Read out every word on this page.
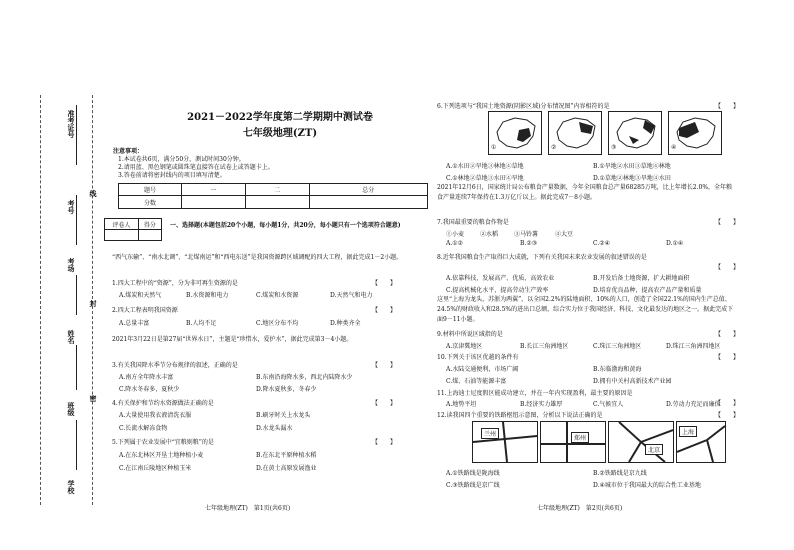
准考证号
线
考号
考场
封
姓名
密
班级
学校
2021－2022学年度第二学期期中测试卷
七年级地理(ZT)
注意事项：
1.本试卷共6页，满分50分，测试时间30分钟。
2.请用蓝、黑色钢笔或圆珠笔直接答在试卷上或答题卡上。
3.答卷前请将密封线内的项目填写清楚。
题号	一	二	总分
分数			
评卷人	得分
	一、选择题(本题包括20个小题，每小题1分，共20分，每小题只有一个选项符合题意)
“西气东输”、“南水北调”、“北煤南运”和“西电东送”是我国资源跨区域调配的四大工程，据此完成1－2小题。
1.四大工程中的“资源”，分为非可再生资源的是	【　　】
A.煤炭和天然气	B.水资源和电力	C.煤炭和水资源	D.天然气和电力
2.四大工程表明我国资源	【　　】
A.总量丰富	B.人均不足	C.地区分布不均	D.种类齐全
2021年3月22日是第27届“世界水日”，主题是“珍惜水，爱护水”，据此完成第3－4小题。
3.有关我国降水季节分布规律的叙述，正确的是	【　　】
A.南方全年降水丰富	B.东南沿海降水多，西北内陆降水少
C.降水冬春多，夏秋少	D.降水夏秋多，冬春少
4.有关保护和节约水资源做法正确的是	【　　】
A.大量使用我衣液清洗衣服	B.刷牙时关上水龙头
C.长流水解冻食物	D.水龙头漏水
5.下列属于农业发展中“宜粮则粮”的是	【　　】
A.在东北林区开垦土地种植小麦	B.在东北平原种植水稻
C.在江南丘陵地区种植玉米	D.在黄土高原发展渔业
七年级地理(ZT)　第1页(共6页)
6.下列选项与“我国土地资源(阴影区域)分布情况图”内容相符的是	【　　】
①	②	③	④
A.①水田②旱地③林地④草地	B.①旱地②水田③草地④林地
C.①林地②草地③水田④旱地	D.①草地②林地③旱地④水田
2021年12月6日，国家统计局公布粮食产量数据，今年全国粮食总产量68285万吨，比上年增长2.0%，全年粮食产量连续7年保持在1.3万亿斤以上。据此完成7－8小题。
7.我国最重要的粮食作物是	【　　】
①小麦	②水稻	③马铃薯	④大豆
A.①②	B.②③	C.②④	D.①④
8.近年我国粮食生产取得巨大成就，下列有关我国未来农业发展的叙述错误的是
【　　】
A.依靠科技，发展高产、优质、高效农业	B.开发后备土地资源，扩大耕地面积
C.提高机械化水平，提高劳动生产效率	D.培育优良品种，提高农产品产量和质量
这里“上海为龙头，苏浙为两翼”，以全国2.2%的陆地面积、10%的人口，创造了全国22.1%的国内生产总值、24.5%的财政收入和28.5%的进出口总额，综合实力位于我国经济、科技、文化最发达的地区之一。据此完成下面9－11小题。
9.材料中所说区域指的是	【　　】
A.京津冀地区	B.长江三角洲地区	C.珠江三角洲地区	D.珠江三角洲四地区
10.下列关于该区优越的条件有	【　　】
A.水陆交通便利，市场广阔	B.东临渤海和黄海
C.煤、石油等能源丰富	D.拥有中关村高新技术产业园
11.上海迪士尼度假区能成功建立，并在一年内实现盈利，最主要的原因是
【　　】
A.地势平坦	B.经济实力雄厚	C.气候宜人	D.劳动力充足而廉价
12.读我国四个重要的铁路枢纽示意图，分析以下说法正确的是	【　　】
兰州
郑州
北京
上海
A.①铁路线是陇海线	B.②铁路线是京九线
C.③铁路线是京广线	D.④城市位于我国最大的综合性工业基地
七年级地理(ZT)　第2页(共6页)
